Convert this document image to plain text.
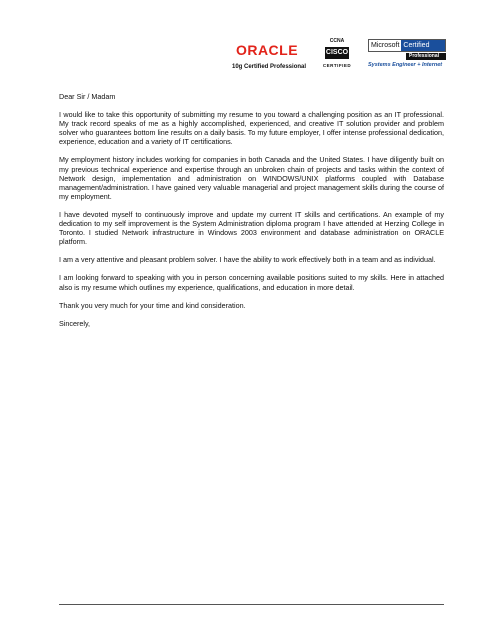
ORACLE
10g Certified Professional
CCNA
CISCO
CERTIFIED
Microsoft Certified
Professional
Systems Engineer + Internet

Dear Sir / Madam

I would like to take this opportunity of submitting my resume to you toward a challenging position as an IT professional. My track record speaks of me as a highly accomplished, experienced, and creative IT solution provider and problem solver who guarantees bottom line results on a daily basis. To my future employer, I offer intense professional dedication, experience, education and a variety of IT certifications.

My employment history includes working for companies in both Canada and the United States. I have diligently built on my previous technical experience and expertise through an unbroken chain of projects and tasks within the context of Network design, implementation and administration on WINDOWS/UNIX platforms coupled with Database management/administration. I have gained very valuable managerial and project management skills during the course of my employment.

I have devoted myself to continuously improve and update my current IT skills and certifications. An example of my dedication to my self improvement is the System Administration diploma program I have attended at Herzing College in Toronto. I studied Network infrastructure in Windows 2003 environment and database administration on ORACLE platform.

I am a very attentive and pleasant problem solver. I have the ability to work effectively both in a team and as individual.

I am looking forward to speaking with you in person concerning available positions suited to my skills. Here in attached also is my resume which outlines my experience, qualifications, and education in more detail.

Thank you very much for your time and kind consideration.

Sincerely,
